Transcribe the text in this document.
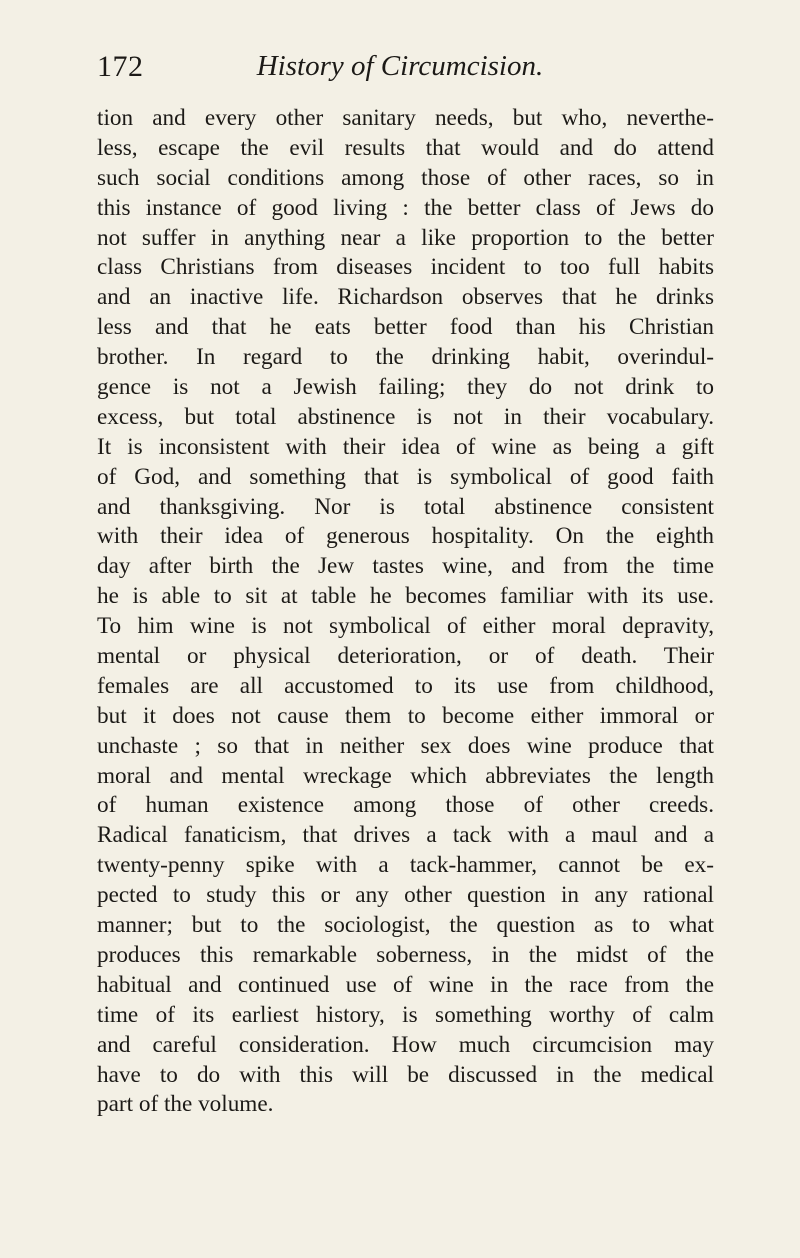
172	History of Circumcision.
tion and every other sanitary needs, but who, neverthe-
less, escape the evil results that would and do attend
such social conditions among those of other races, so in
this instance of good living : the better class of Jews do
not suffer in anything near a like proportion to the better
class Christians from diseases incident to too full habits
and an inactive life. Richardson observes that he drinks
less and that he eats better food than his Christian
brother. In regard to the drinking habit, overindul-
gence is not a Jewish failing; they do not drink to
excess, but total abstinence is not in their vocabulary.
It is inconsistent with their idea of wine as being a gift
of God, and something that is symbolical of good faith
and thanksgiving. Nor is total abstinence consistent
with their idea of generous hospitality. On the eighth
day after birth the Jew tastes wine, and from the time
he is able to sit at table he becomes familiar with its use.
To him wine is not symbolical of either moral depravity,
mental or physical deterioration, or of death. Their
females are all accustomed to its use from childhood,
but it does not cause them to become either immoral or
unchaste ; so that in neither sex does wine produce that
moral and mental wreckage which abbreviates the length
of human existence among those of other creeds.
Radical fanaticism, that drives a tack with a maul and a
twenty-penny spike with a tack-hammer, cannot be ex-
pected to study this or any other question in any rational
manner; but to the sociologist, the question as to what
produces this remarkable soberness, in the midst of the
habitual and continued use of wine in the race from the
time of its earliest history, is something worthy of calm
and careful consideration. How much circumcision may
have to do with this will be discussed in the medical
part of the volume.
